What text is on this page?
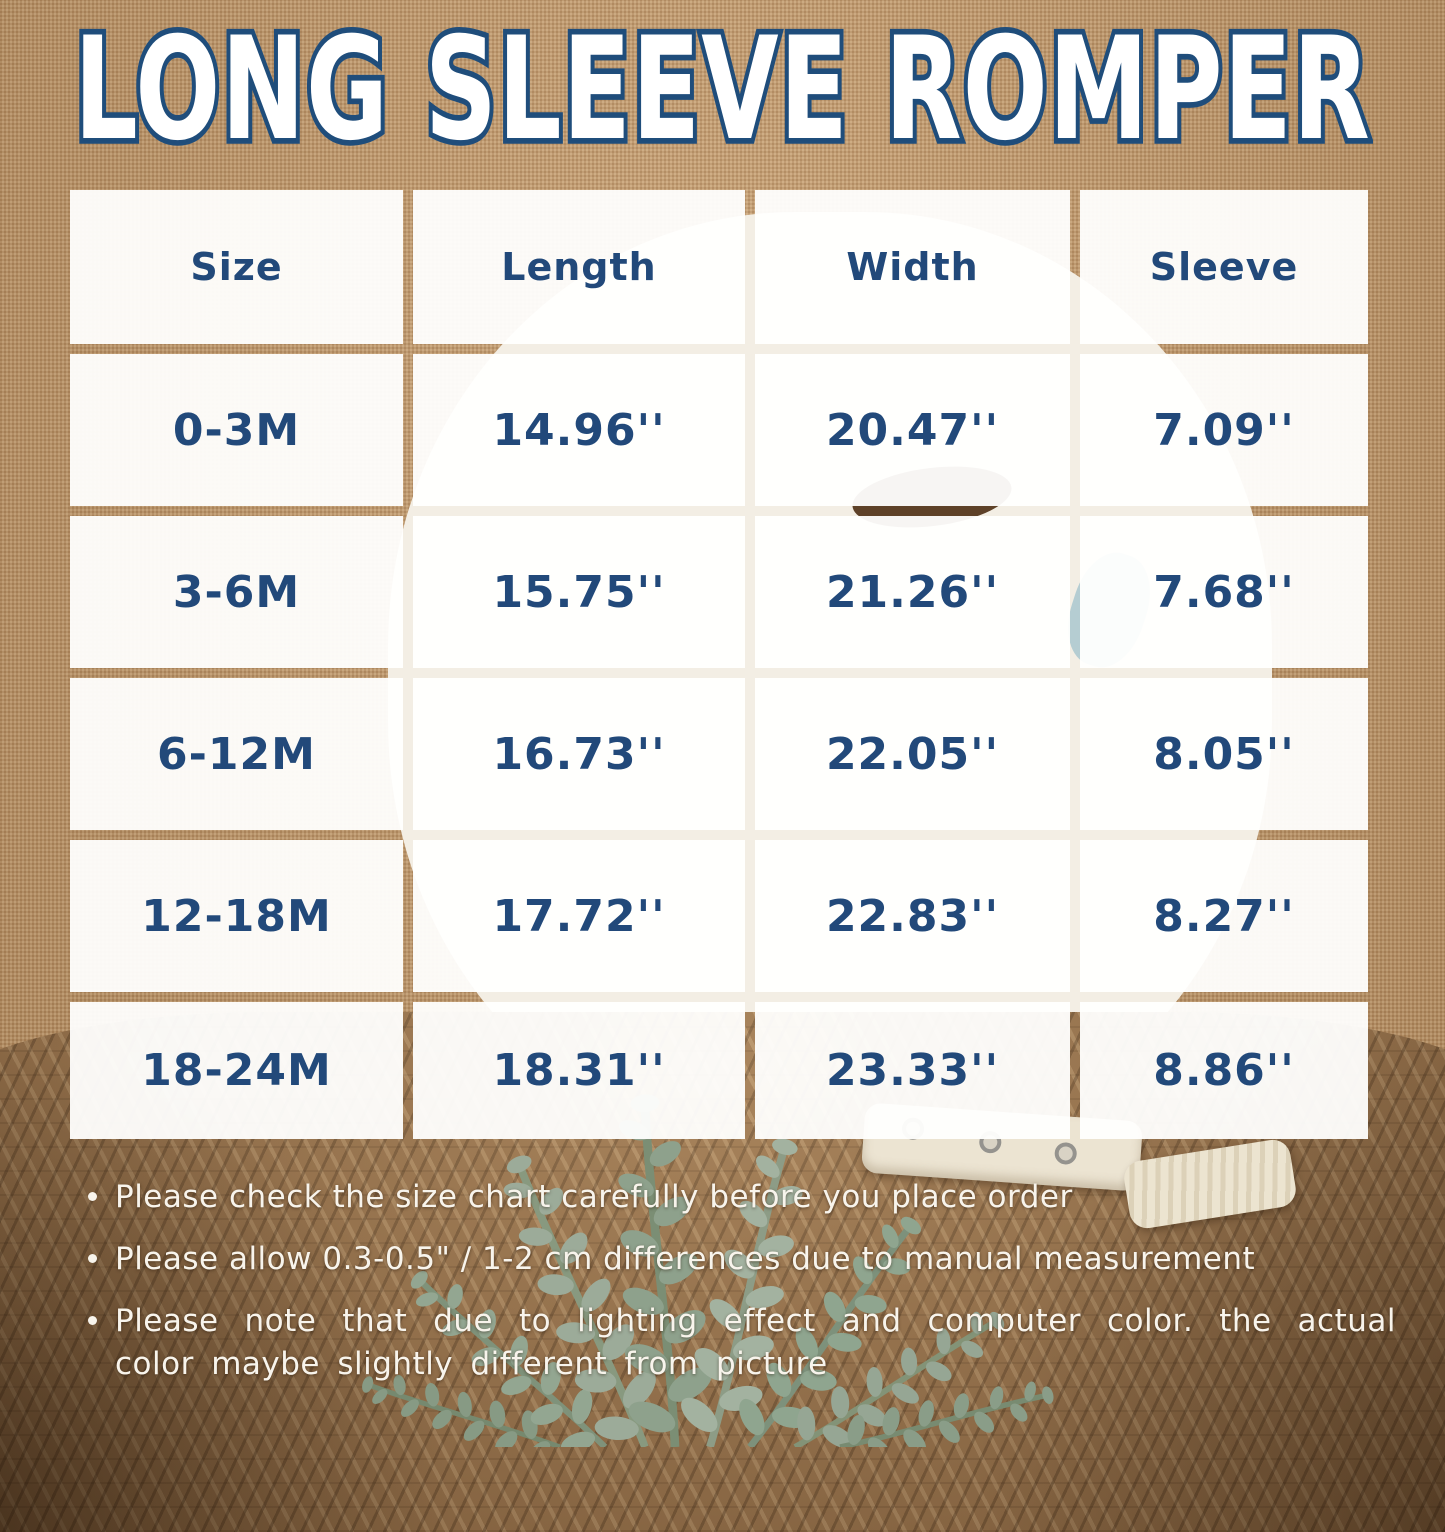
LONG SLEEVE ROMPER
Size	Length	Width	Sleeve
0-3M	14.96''	20.47''	7.09''
3-6M	15.75''	21.26''	7.68''
6-12M	16.73''	22.05''	8.05''
12-18M	17.72''	22.83''	8.27''
18-24M	18.31''	23.33''	8.86''
Please check the size chart carefully before you place order
Please allow 0.3-0.5" / 1-2 cm differences due to manual measurement
Please note that due to lighting effect and computer color. the actual color maybe slightly different from picture
